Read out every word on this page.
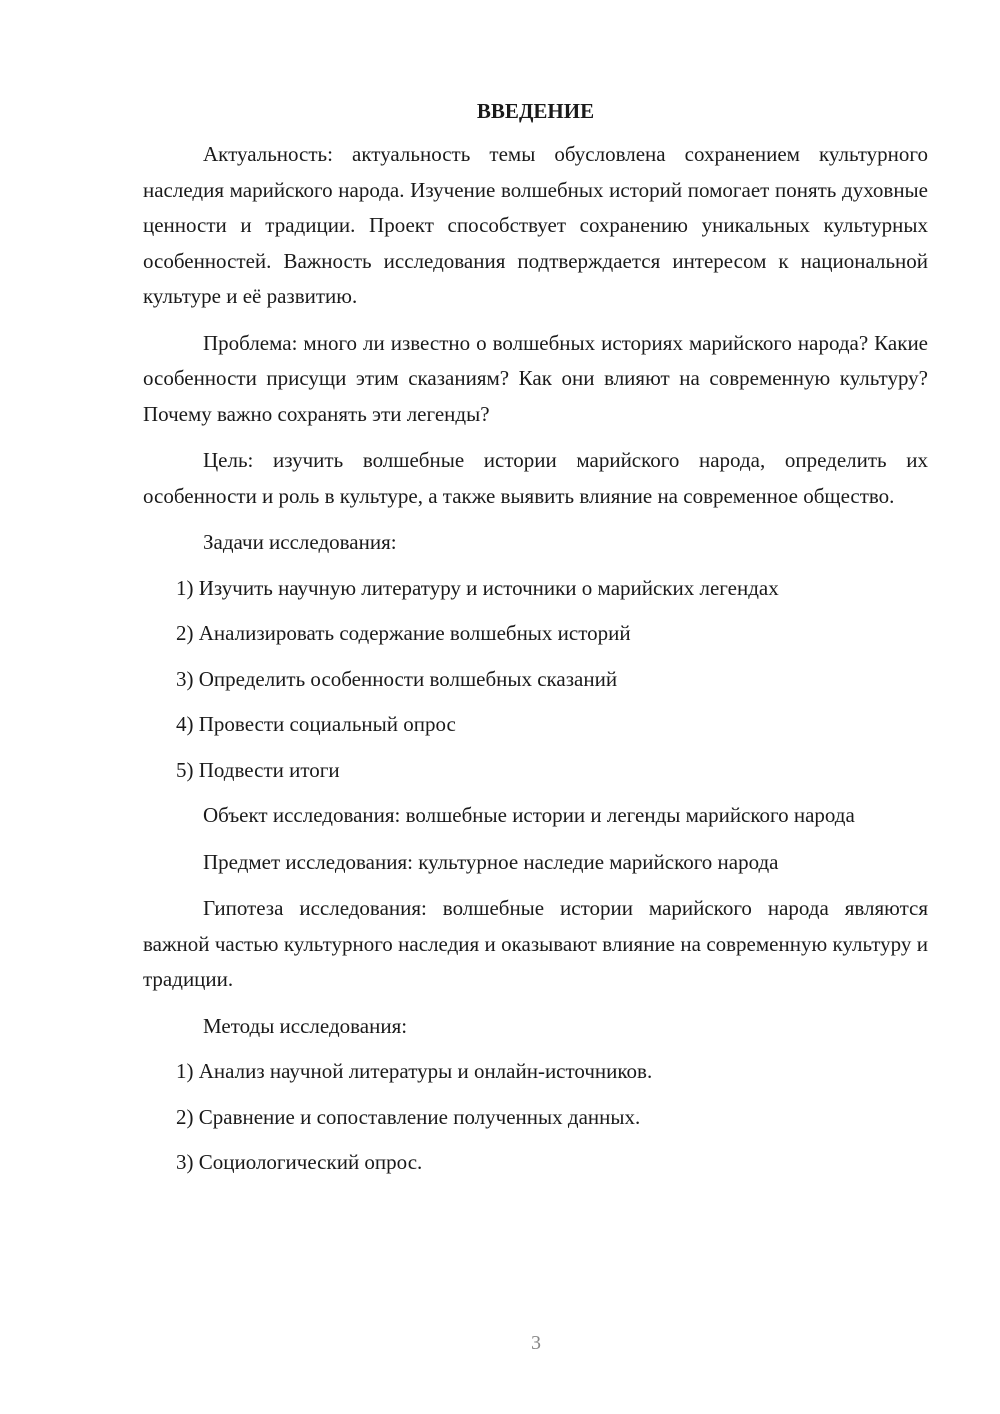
ВВЕДЕНИЕ
Актуальность: актуальность темы обусловлена сохранением культурного наследия марийского народа. Изучение волшебных историй помогает понять духовные ценности и традиции. Проект способствует сохранению уникальных культурных особенностей. Важность исследования подтверждается интересом к национальной культуре и её развитию.
Проблема: много ли известно о волшебных историях марийского народа? Какие особенности присущи этим сказаниям? Как они влияют на современную культуру? Почему важно сохранять эти легенды?
Цель: изучить волшебные истории марийского народа, определить их особенности и роль в культуре, а также выявить влияние на современное общество.
Задачи исследования:
1) Изучить научную литературу и источники о марийских легендах
2) Анализировать содержание волшебных историй
3) Определить особенности волшебных сказаний
4) Провести социальный опрос
5) Подвести итоги
Объект исследования: волшебные истории и легенды марийского народа
Предмет исследования: культурное наследие марийского народа
Гипотеза исследования: волшебные истории марийского народа являются важной частью культурного наследия и оказывают влияние на современную культуру и традиции.
Методы исследования:
1) Анализ научной литературы и онлайн-источников.
2) Сравнение и сопоставление полученных данных.
3) Социологический опрос.
3
